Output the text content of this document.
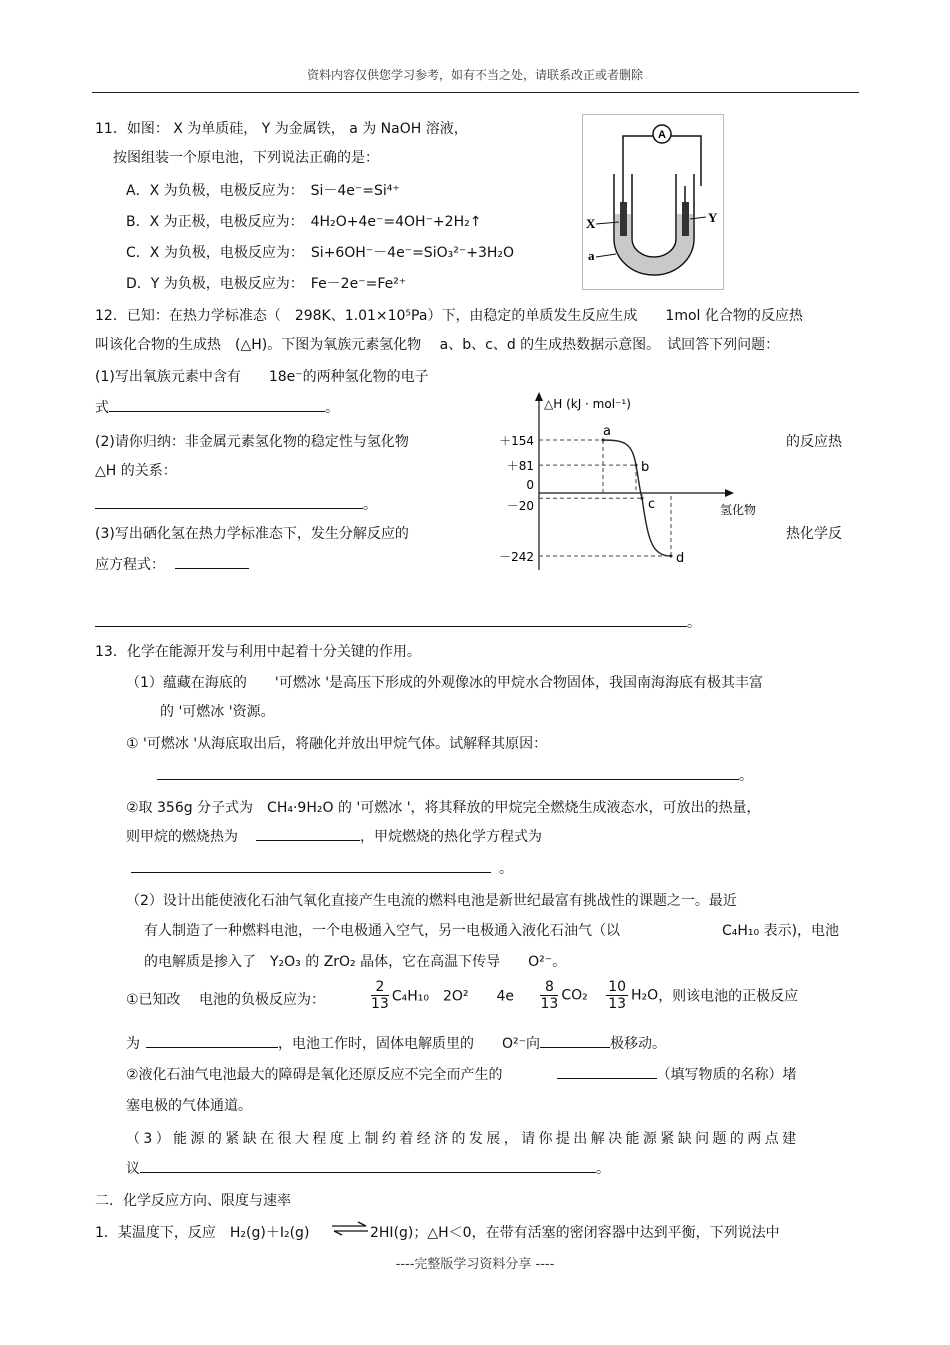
资料内容仅供您学习参考，如有不当之处，请联系改正或者删除
11．如图： X 为单质硅， Y 为金属铁， a 为 NaOH 溶液，
按图组装一个原电池，下列说法正确的是：
A．X 为负极，电极反应为：　Si－4e⁻=Si⁴⁺
B．X 为正极，电极反应为：　4H₂O+4e⁻=4OH⁻+2H₂↑
C．X 为负极，电极反应为：　Si+6OH⁻－4e⁻=SiO₃²⁻+3H₂O
D．Y 为负极，电极反应为：　Fe－2e⁻=Fe²⁺
A
X	Y
a
12．已知：在热力学标准态（　298K、1.01×10⁵Pa）下，由稳定的单质发生反应生成　　1mol 化合物的反应热
叫该化合物的生成热　(△H)。下图为氧族元素氢化物　 a、b、c、d 的生成热数据示意图。　试回答下列问题：
(1)写出氧族元素中含有　　18e⁻的两种氢化物的电子
式	。
(2)请你归纳：非金属元素氢化物的稳定性与氢化物	的反应热
△H 的关系：
。
(3)写出硒化氢在热力学标准态下，发生分解反应的	热化学反
应方程式：
。
△H (kJ · mol⁻¹)
氢化物
a
b
c
d
＋154
＋81
0
－20
－242
13．化学在能源开发与利用中起着十分关键的作用。
（1）蕴藏在海底的　　'可燃冰 '是高压下形成的外观像冰的甲烷水合物固体，我国南海海底有极其丰富
的 '可燃冰 '资源。
① '可燃冰 '从海底取出后，将融化并放出甲烷气体。试解释其原因：
。
②取 356g 分子式为　CH₄·9H₂O 的 '可燃冰 '，将其释放的甲烷完全燃烧生成液态水，可放出的热量，
则甲烷的燃烧热为	，甲烷燃烧的热化学方程式为
。
（2）设计出能使液化石油气氧化直接产生电流的燃料电池是新世纪最富有挑战性的课题之一。最近
有人制造了一种燃料电池，一个电极通入空气，另一电极通入液化石油气（以	C₄H₁₀ 表示)，电池
的电解质是掺入了　Y₂O₃ 的 ZrO₂ 晶体，它在高温下传导　　O²⁻。
①已知改　 电池的负极反应为：	$\frac{2}{13} C_4H_{10}$　2O²　　$4e \frac{8}{13} CO_2 \frac{10}{13} H_2O$，则该电池的正极反应
为	，电池工作时，固体电解质里的　　O²⁻向	极移动。
②液化石油气电池最大的障碍是氧化还原反应不完全而产生的	（填写物质的名称）堵
塞电极的气体通道。
（3）能源的紧缺在很大程度上制约着经济的发展，请你提出解决能源紧缺问题的两点建
议	。
二．化学反应方向、限度与速率
1．某温度下，反应　H₂(g)＋I₂(g) ⇌ 2HI(g)；△H＜0，在带有活塞的密闭容器中达到平衡，下列说法中
----完整版学习资料分享 ----
